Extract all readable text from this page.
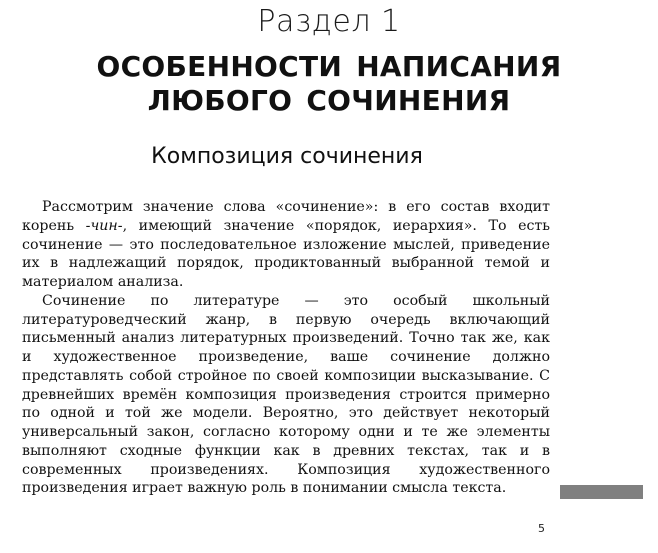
Раздел 1
ОСОБЕННОСТИ НАПИСАНИЯ
ЛЮБОГО СОЧИНЕНИЯ
Композиция сочинения

Рассмотрим значение слова «сочинение»: в его состав входит корень -чин-, имеющий значение «порядок, иерархия». То есть сочинение — это последовательное изложение мыслей, приведение их в надлежащий порядок, продиктованный выбранной темой и материалом анализа.

Сочинение по литературе — это особый школьный литературоведческий жанр, в первую очередь включающий письменный анализ литературных произведений. Точно так же, как и художественное произведение, ваше сочинение должно представлять собой стройное по своей композиции высказывание. С древнейших времён композиция произведения строится примерно по одной и той же модели. Вероятно, это действует некоторый универсальный закон, согласно которому одни и те же элементы выполняют сходные функции как в древних текстах, так и в современных произведениях. Композиция художественного произведения играет важную роль в понимании смысла текста.

5
